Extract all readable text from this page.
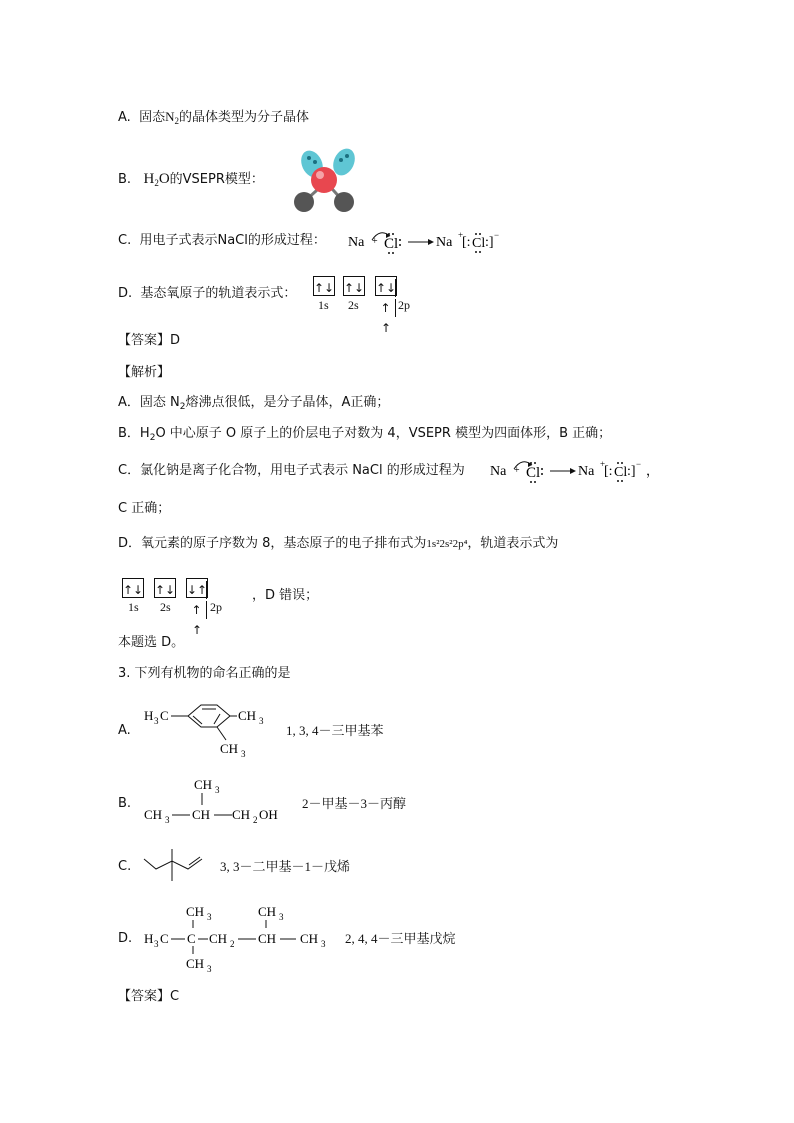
A. 固态$N_2$的晶体类型为分子晶体
B. $H_2O$的VSEPR模型：
C. 用电子式表示NaCl的形成过程： Na + Cl	Na +
[: Cl :] −
D. 基态氧原子的轨道表示式： ↑↓ ↑↓ ↑↓↑↑
1s 2s	2p
【答案】D
【解析】
A．固态 $N_2$熔沸点很低，是分子晶体，A正确；
B．$H_2O$ 中心原子 O 原子上的价层电子对数为 4，VSEPR 模型为四面体形，B 正确；
C．氯化钠是离子化合物，用电子式表示 NaCl 的形成过程为 Na + Cl	Na +
[: Cl :] − ，
C 正确；
D．氧元素的原子序数为 8，基态原子的电子排布式为1s²2s²2p⁴，轨道表示式为
↑↓ ↑↓ ↓↑↑↑
1s 2s	2p
，D 错误；
本题选 D。
3. 下列有机物的命名正确的是
A.
H 3 C	CH 3
CH 3
1, 3, 4－三甲基苯
B.
CH 3
CH 3 CH CH 2 OH
2－甲基－3－丙醇
C.	3, 3－二甲基－1－戊烯
D.
CH 3
H 3 C C CH 2
CH 3
CH CH 3
CH 3
2, 4, 4－三甲基戊烷
【答案】C
